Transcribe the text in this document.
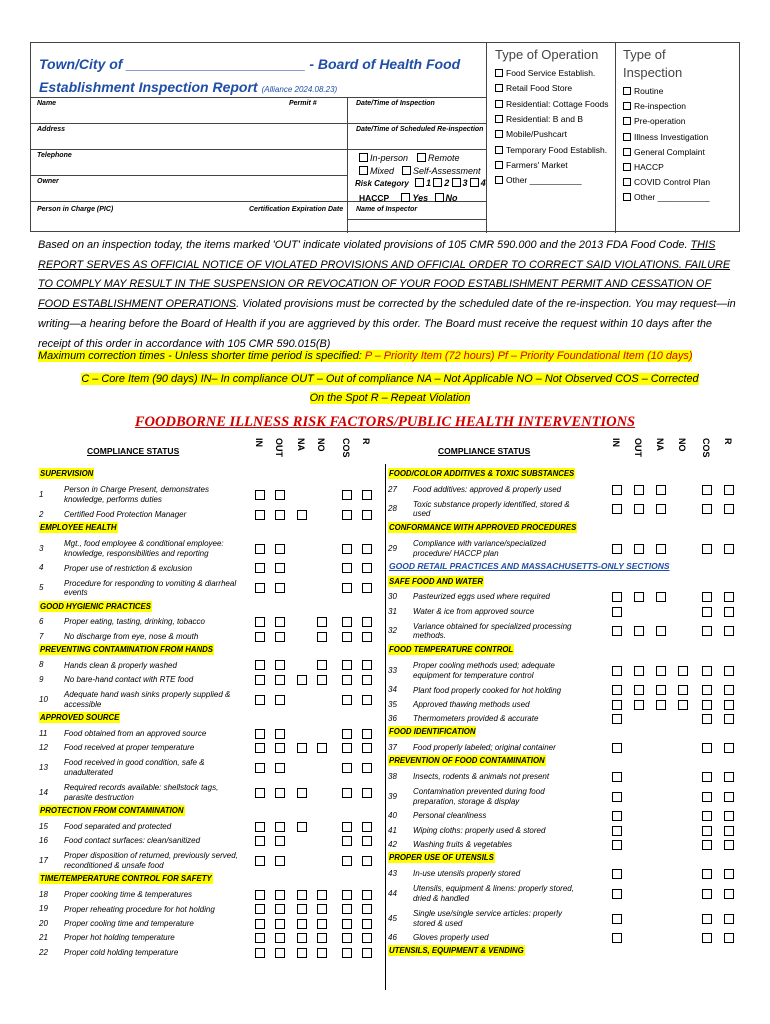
Town/City of _______________________ - Board of Health Food
Establishment Inspection Report (Alliance 2024.08.23)
Name	Permit #	Date/Time of Inspection
Address	Date/Time of Scheduled Re-inspection
Telephone
Owner
Person in Charge (PIC)	Certification Expiration Date Name of Inspector
In-person	Remote
Mixed	Self-Assessment
Risk Category 1 2 3 4
HACCP	Yes No
Type of Operation
Food Service Establish.
Retail Food Store
Residential: Cottage Foods
Residential: B and B
Mobile/Pushcart
Temporary Food Establish.
Farmers' Market
Other ___________
Type of
Inspection
Routine
Re-inspection
Pre-operation
Illness Investigation
General Complaint
HACCP
COVID Control Plan
Other ___________
Based on an inspection today, the items marked 'OUT' indicate violated provisions of 105 CMR 590.000 and the 2013 FDA Food Code. THIS REPORT SERVES AS OFFICIAL NOTICE OF VIOLATED PROVISIONS AND OFFICIAL ORDER TO CORRECT SAID VIOLATIONS. FAILURE TO COMPLY MAY RESULT IN THE SUSPENSION OR REVOCATION OF YOUR FOOD ESTABLISHMENT PERMIT AND CESSATION OF FOOD ESTABLISHMENT OPERATIONS. Violated provisions must be corrected by the scheduled date of the re-inspection. You may request—in writing—a hearing before the Board of Health if you are aggrieved by this order. The Board must receive the request within 10 days after the receipt of this order in accordance with 105 CMR 590.015(B)
Maximum correction times - Unless shorter time period is specified: P – Priority Item (72 hours) Pf – Priority Foundational Item (10 days)
C – Core Item (90 days) IN– In compliance OUT – Out of compliance NA – Not Applicable NO – Not Observed COS – Corrected
On the Spot R – Repeat Violation
FOODBORNE ILLNESS RISK FACTORS/PUBLIC HEALTH INTERVENTIONS
COMPLIANCE STATUS	COMPLIANCE STATUS
IN OUT NA NO COS R	IN OUT NA NO COS R
SUPERVISION
1	Person in Charge Present, demonstrates knowledge, performs duties
2	Certified Food Protection Manager
EMPLOYEE HEALTH
3	Mgt., food employee & conditional employee: knowledge, responsibilities and reporting
4	Proper use of restriction & exclusion
5	Procedure for responding to vomiting & diarrheal events
GOOD HYGIENIC PRACTICES
6	Proper eating, tasting, drinking, tobacco
7	No discharge from eye, nose & mouth
PREVENTING CONTAMINATION FROM HANDS
8	Hands clean & properly washed
9	No bare-hand contact with RTE food
10 Adequate hand wash sinks properly supplied & accessible
APPROVED SOURCE
11 Food obtained from an approved source
12 Food received at proper temperature
13 Food received in good condition, safe & unadulterated
14 Required records available: shellstock tags, parasite destruction
PROTECTION FROM CONTAMINATION
15 Food separated and protected
16 Food contact surfaces: clean/sanitized
17 Proper disposition of returned, previously served, reconditioned & unsafe food
TIME/TEMPERATURE CONTROL FOR SAFETY
18 Proper cooking time & temperatures
19 Proper reheating procedure for hot holding
20 Proper cooling time and temperature
21 Proper hot holding temperature
22 Proper cold holding temperature
FOOD/COLOR ADDITIVES & TOXIC SUBSTANCES
27 Food additives: approved & properly used
28 Toxic substance properly identified, stored & used
CONFORMANCE WITH APPROVED PROCEDURES
29 Compliance with variance/specialized procedure/ HACCP plan
GOOD RETAIL PRACTICES AND MASSACHUSETTS-ONLY SECTIONS
SAFE FOOD AND WATER
30 Pasteurized eggs used where required
31 Water & ice from approved source
32 Variance obtained for specialized processing methods.
FOOD TEMPERATURE CONTROL
33 Proper cooling methods used; adequate equipment for temperature control
34 Plant food properly cooked for hot holding
35 Approved thawing methods used
36 Thermometers provided & accurate
FOOD IDENTIFICATION
37 Food properly labeled; original container
PREVENTION OF FOOD CONTAMINATION
38 Insects, rodents & animals not present
39 Contamination prevented during food preparation, storage & display
40 Personal cleanliness
41 Wiping cloths: properly used & stored
42 Washing fruits & vegetables
PROPER USE OF UTENSILS
43 In-use utensils properly stored
44 Utensils, equipment & linens: properly stored, dried & handled
45 Single use/single service articles: properly stored & used
46 Gloves properly used
UTENSILS, EQUIPMENT & VENDING
